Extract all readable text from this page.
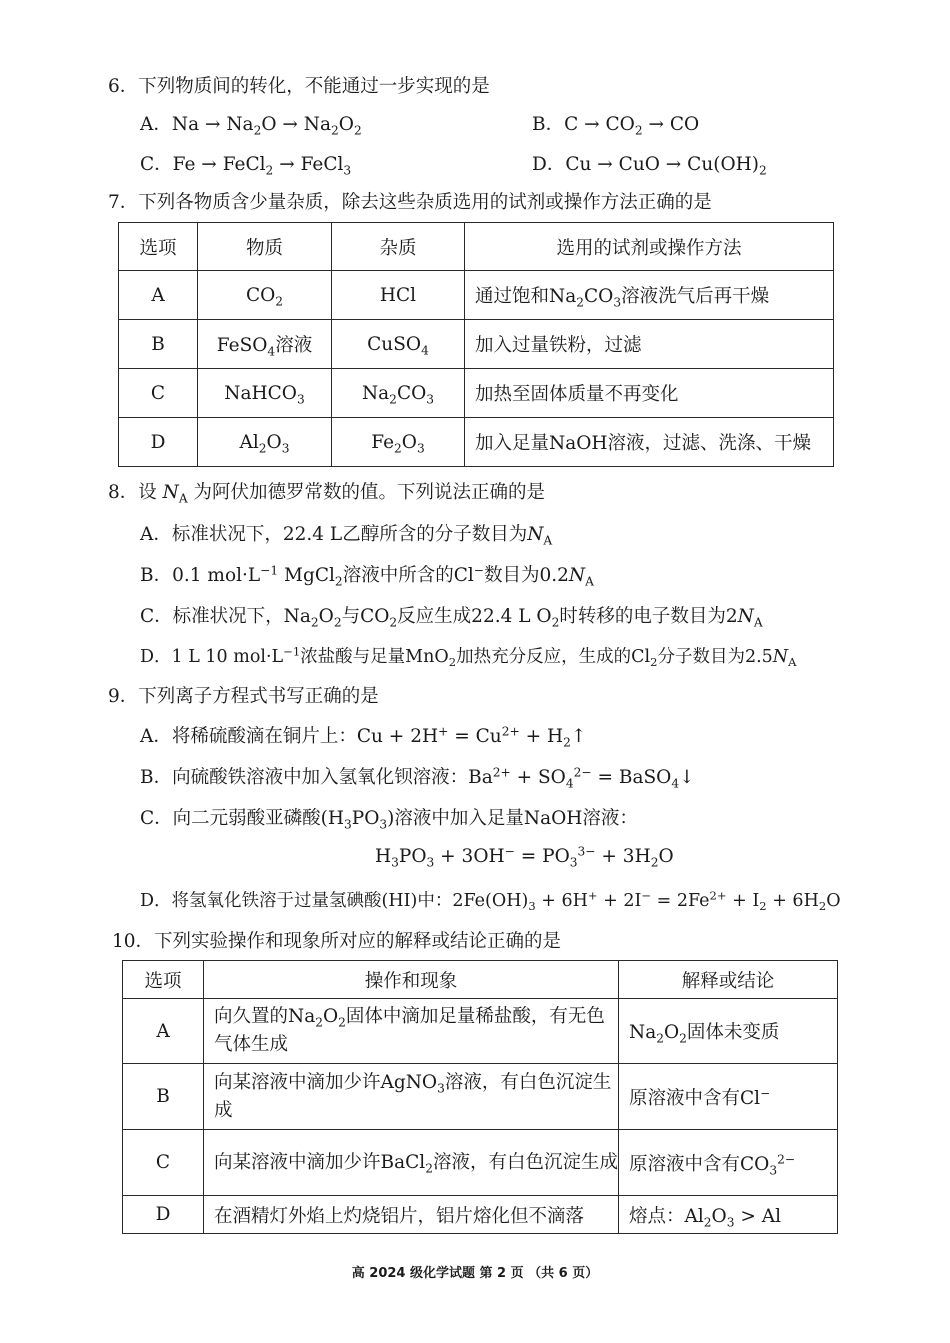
6．下列物质间的转化，不能通过一步实现的是
A．$Na \to Na_2O \to Na_2O_2$	B．$C \to CO_2$ → CO
C．Fe → FeCl$_2$ → FeCl$_3$	D．Cu → CuO → $Cu(OH)_2$
7．下列各物质含少量杂质，除去这些杂质选用的试剂或操作方法正确的是
选项	物质	杂质	选用的试剂或操作方法
A	$CO_2$	HCl	通过饱和$Na_2CO_3$溶液洗气后再干燥
B	FeSO$_4$溶液	CuSO$_4$	加入过量铁粉，过滤
C	NaHCO$_3$	$Na_2CO_3$	加热至固体质量不再变化
D	$Al_2O_3$	$Fe_2O_3$	加入足量NaOH溶液，过滤、洗涤、干燥
8．设 $N_A$ 为阿伏加德罗常数的值。下列说法正确的是
A．标准状况下，22.4 L乙醇所含的分子数目为$N_A$
B．0.1 $mol\cdot L^{-1}$ MgCl$_2$溶液中所含的Cl−数目为$0.2N_A$
C．标准状况下，$Na_2O_2$与$CO_2$反应生成22.4 L $O_2$时转移的电子数目为$2N_A$
D．1 L 10 $mol\cdot L^{-1}$浓盐酸与足量MnO$_2$加热充分反应，生成的$Cl_2$分子数目为$2.5N_A$
9．下列离子方程式书写正确的是
A．将稀硫酸滴在铜片上：$Cu + 2H^+ = Cu^{2+}$ + $H_2↑$
B．向硫酸铁溶液中加入氢氧化钡溶液：$Ba^{2+} + SO_4^{2-}$ = BaSO$_4$↓
C．向二元弱酸亚磷酸$(H_3PO_3)$溶液中加入足量NaOH溶液：
$H_3PO_3 + 3OH^- = PO_3^{3-} + 3H_2O$
D．将氢氧化铁溶于过量氢碘酸(HI)中：$2Fe(OH)_3 + 6H^+ + 2I^- = 2Fe^{2+} + I_2 + 6H_2O$
10．下列实验操作和现象所对应的解释或结论正确的是
选项	操作和现象	解释或结论
A	向久置的$Na_2O_2$固体中滴加足量稀盐酸，有无色气体生成	$Na_2O_2$固体未变质
B	向某溶液中滴加少许AgNO$_3$溶液，有白色沉淀生成	原溶液中含有Cl−
C	向某溶液中滴加少许BaCl$_2$溶液，有白色沉淀生成	原溶液中含有$CO_3^{2-}$
D	在酒精灯外焰上灼烧铝片，铝片熔化但不滴落	熔点：$Al_2O_3 > Al$
高 2024 级化学试题 第 2 页 （共 6 页）
